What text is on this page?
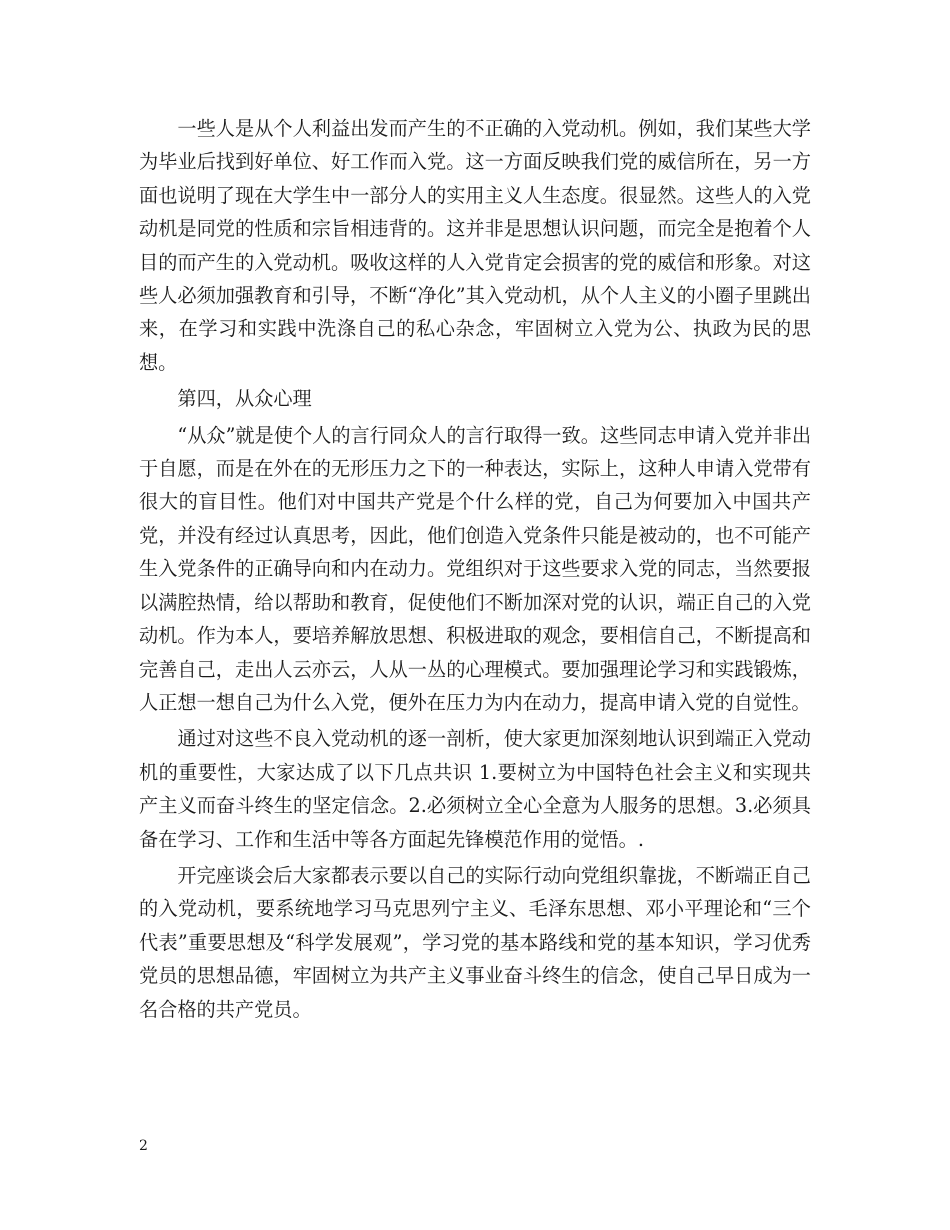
一些人是从个人利益出发而产生的不正确的入党动机。例如，我们某些大学为毕业后找到好单位、好工作而入党。这一方面反映我们党的威信所在，另一方面也说明了现在大学生中一部分人的实用主义人生态度。很显然。这些人的入党动机是同党的性质和宗旨相违背的。这并非是思想认识问题，而完全是抱着个人目的而产生的入党动机。吸收这样的人入党肯定会损害的党的威信和形象。对这些人必须加强教育和引导，不断“净化”其入党动机，从个人主义的小圈子里跳出来，在学习和实践中洗涤自己的私心杂念，牢固树立入党为公、执政为民的思想。

第四，从众心理

“从众”就是使个人的言行同众人的言行取得一致。这些同志申请入党并非出于自愿，而是在外在的无形压力之下的一种表达，实际上，这种人申请入党带有很大的盲目性。他们对中国共产党是个什么样的党，自己为何要加入中国共产党，并没有经过认真思考，因此，他们创造入党条件只能是被动的，也不可能产生入党条件的正确导向和内在动力。党组织对于这些要求入党的同志，当然要报以满腔热情，给以帮助和教育，促使他们不断加深对党的认识，端正自己的入党动机。作为本人，要培养解放思想、积极进取的观念，要相信自己，不断提高和完善自己，走出人云亦云，人从一丛的心理模式。要加强理论学习和实践锻炼，人正想一想自己为什么入党，便外在压力为内在动力，提高申请入党的自觉性。

通过对这些不良入党动机的逐一剖析，使大家更加深刻地认识到端正入党动机的重要性，大家达成了以下几点共识 1.要树立为中国特色社会主义和实现共产主义而奋斗终生的坚定信念。2.必须树立全心全意为人服务的思想。3.必须具备在学习、工作和生活中等各方面起先锋模范作用的觉悟。.

开完座谈会后大家都表示要以自己的实际行动向党组织靠拢，不断端正自己的入党动机，要系统地学习马克思列宁主义、毛泽东思想、邓小平理论和“三个代表”重要思想及“科学发展观”，学习党的基本路线和党的基本知识，学习优秀党员的思想品德，牢固树立为共产主义事业奋斗终生的信念，使自己早日成为一名合格的共产党员。

2
